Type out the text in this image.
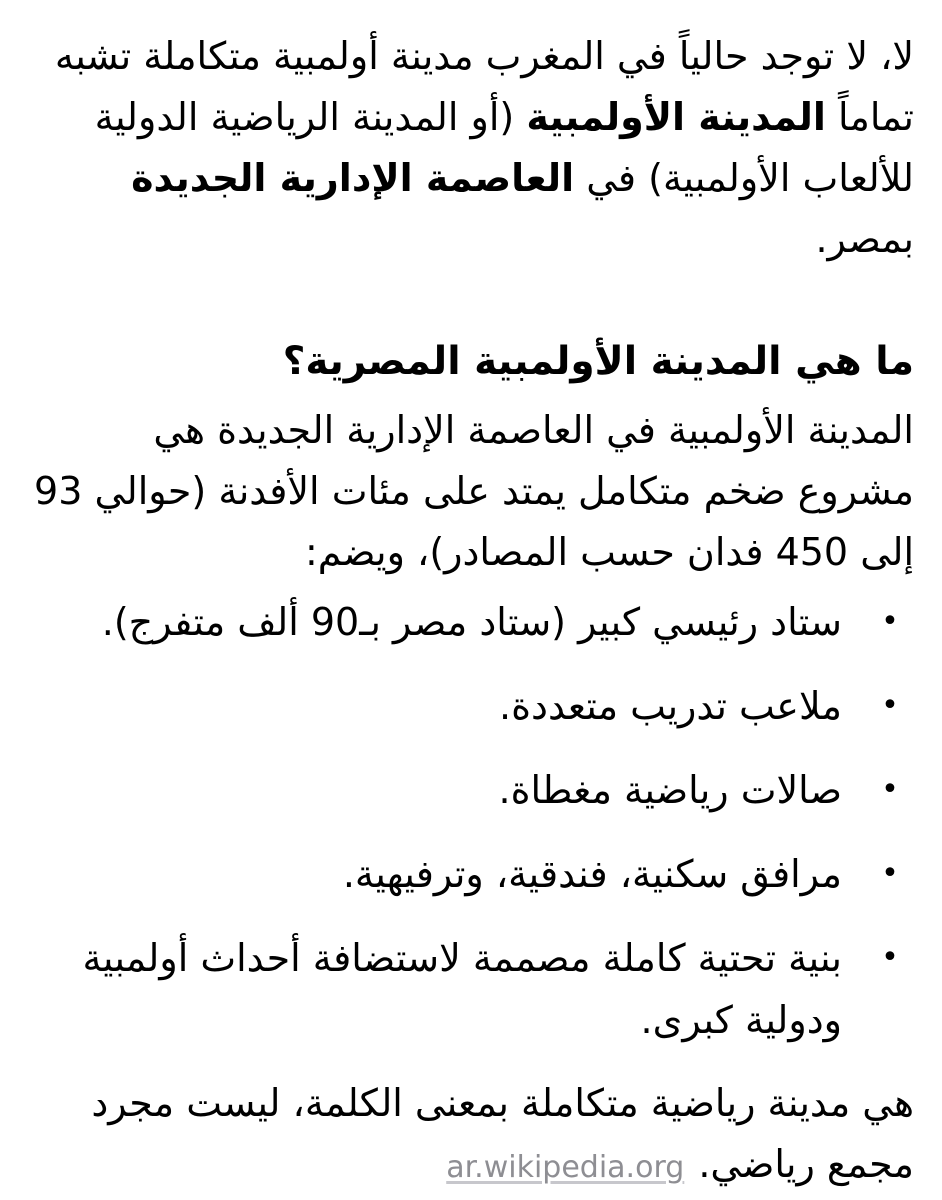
لا، لا توجد حالياً في المغرب مدينة أولمبية متكاملة تشبه تماماً المدينة الأولمبية (أو المدينة الرياضية الدولية للألعاب الأولمبية) في العاصمة الإدارية الجديدة بمصر.

ما هي المدينة الأولمبية المصرية؟

المدينة الأولمبية في العاصمة الإدارية الجديدة هي مشروع ضخم متكامل يمتد على مئات الأفدنة (حوالي 93 إلى 450 فدان حسب المصادر)، ويضم:

•
ستاد رئيسي كبير (ستاد مصر بـ90 ألف متفرج).
•
ملاعب تدريب متعددة.
•
صالات رياضية مغطاة.
•
مرافق سكنية، فندقية، وترفيهية.
•
بنية تحتية كاملة مصممة لاستضافة أحداث أولمبية ودولية كبرى.

هي مدينة رياضية متكاملة بمعنى الكلمة، ليست مجرد مجمع رياضي.ar.wikipedia.org
